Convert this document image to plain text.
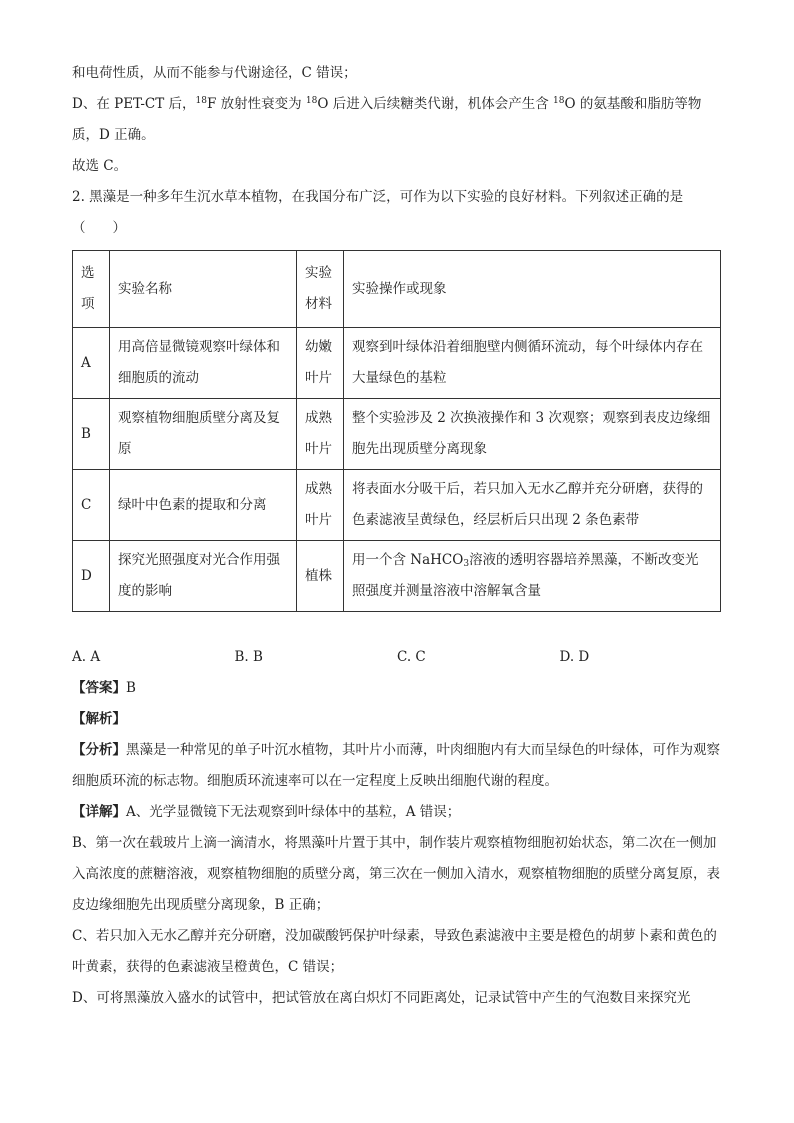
和电荷性质，从而不能参与代谢途径，C 错误；

D、在 PET-CT 后，$^{18}$F 放射性衰变为 $^{18}$O 后进入后续糖类代谢，机体会产生含 $^{18}$O 的氨基酸和脂肪等物

质，D 正确。

故选 C。

2. 黑藻是一种多年生沉水草本植物，在我国分布广泛，可作为以下实验的良好材料。下列叙述正确的是

（　　）

选项	实验名称	实验材料	实验操作或现象
A	用高倍显微镜观察叶绿体和细胞质的流动	幼嫩叶片	观察到叶绿体沿着细胞壁内侧循环流动，每个叶绿体内存在大量绿色的基粒
B	观察植物细胞质壁分离及复原	成熟叶片	整个实验涉及 2 次换液操作和 3 次观察；观察到表皮边缘细胞先出现质壁分离现象
C	绿叶中色素的提取和分离	成熟叶片	将表面水分吸干后，若只加入无水乙醇并充分研磨，获得的色素滤液呈黄绿色，经层析后只出现 2 条色素带
D	探究光照强度对光合作用强度的影响	植株	用一个含 NaHCO$_3$溶液的透明容器培养黑藻，不断改变光照强度并测量溶液中溶解氧含量
A. A	B. B	C. C	D. D

【答案】B

【解析】

【分析】黑藻是一种常见的单子叶沉水植物，其叶片小而薄，叶肉细胞内有大而呈绿色的叶绿体，可作为观察细胞质环流的标志物。细胞质环流速率可以在一定程度上反映出细胞代谢的程度。

【详解】A、光学显微镜下无法观察到叶绿体中的基粒，A 错误；

B、第一次在载玻片上滴一滴清水，将黑藻叶片置于其中，制作装片观察植物细胞初始状态，第二次在一侧加入高浓度的蔗糖溶液，观察植物细胞的质壁分离，第三次在一侧加入清水，观察植物细胞的质壁分离复原，表皮边缘细胞先出现质壁分离现象，B 正确；

C、若只加入无水乙醇并充分研磨，没加碳酸钙保护叶绿素，导致色素滤液中主要是橙色的胡萝卜素和黄色的叶黄素，获得的色素滤液呈橙黄色，C 错误；

D、可将黑藻放入盛水的试管中，把试管放在离白炽灯不同距离处，记录试管中产生的气泡数目来探究光
